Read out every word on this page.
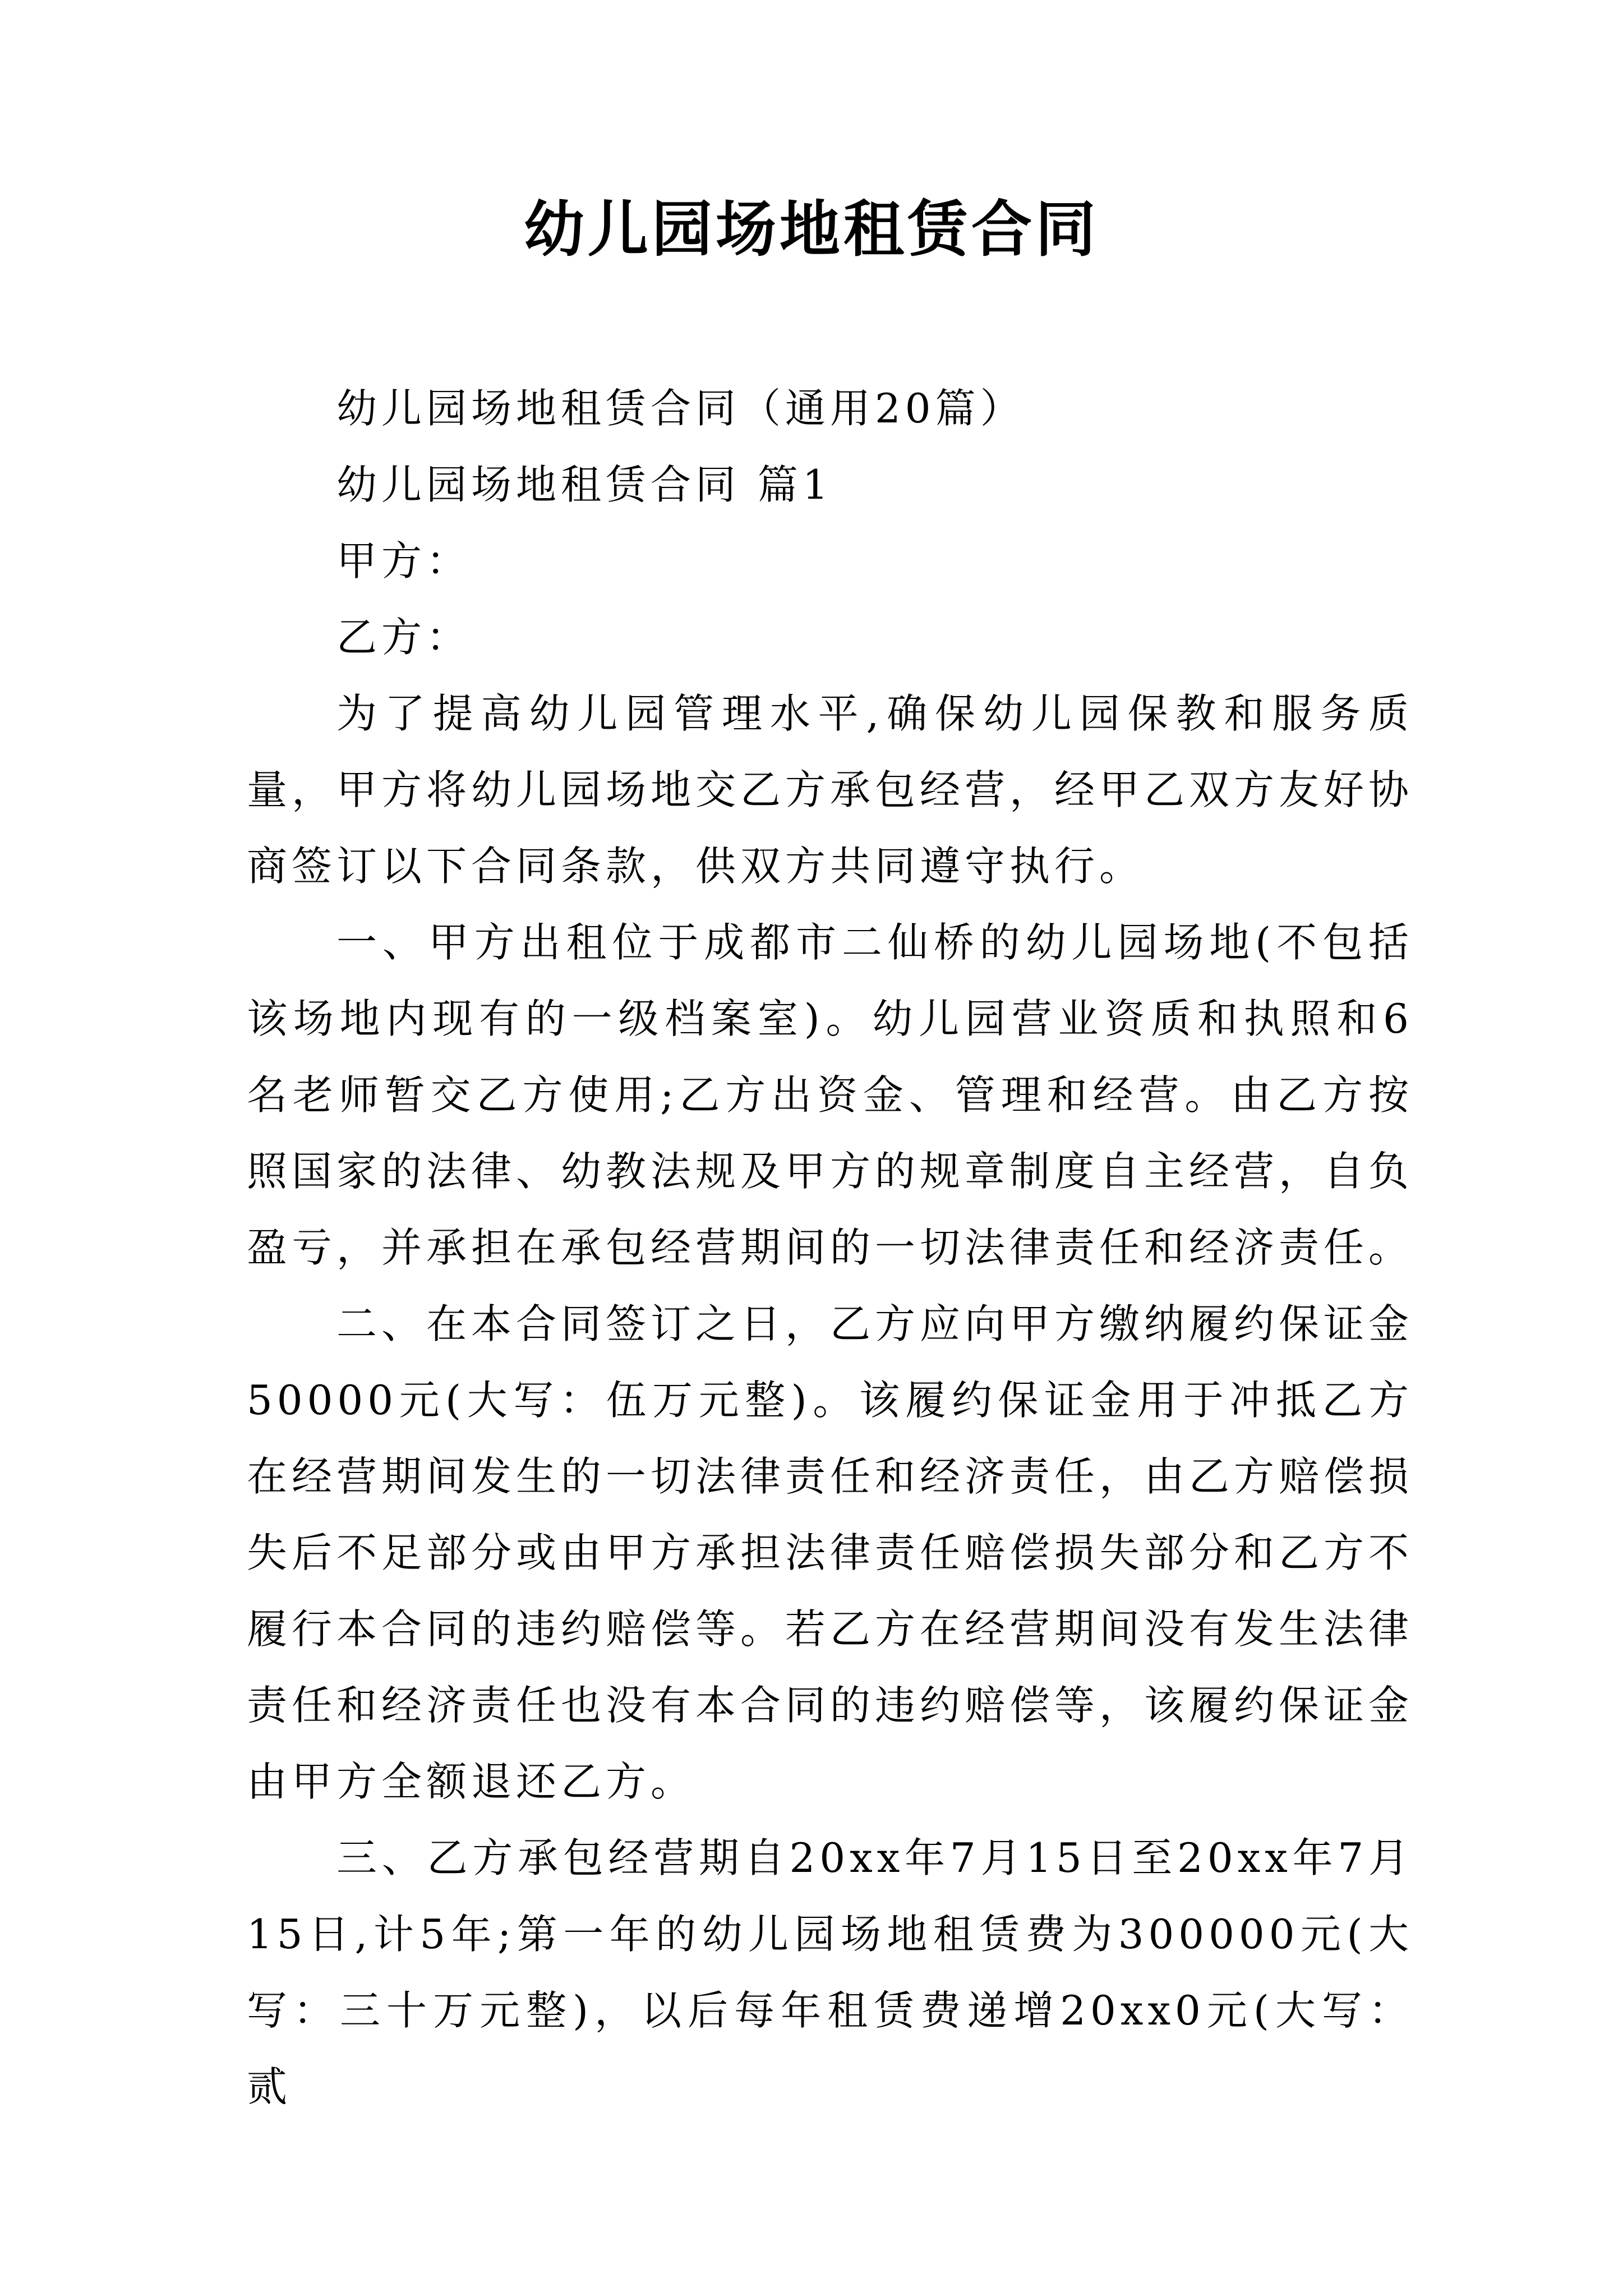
幼儿园场地租赁合同

幼儿园场地租赁合同（通用20篇）

幼儿园场地租赁合同 篇1

甲方：

乙方：

为了提高幼儿园管理水平,确保幼儿园保教和服务质量，甲方将幼儿园场地交乙方承包经营，经甲乙双方友好协商签订以下合同条款，供双方共同遵守执行。

一、甲方出租位于成都市二仙桥的幼儿园场地(不包括该场地内现有的一级档案室)。幼儿园营业资质和执照和6名老师暂交乙方使用;乙方出资金、管理和经营。由乙方按照国家的法律、幼教法规及甲方的规章制度自主经营，自负盈亏，并承担在承包经营期间的一切法律责任和经济责任。

二、在本合同签订之日，乙方应向甲方缴纳履约保证金50000元(大写：伍万元整)。该履约保证金用于冲抵乙方在经营期间发生的一切法律责任和经济责任，由乙方赔偿损失后不足部分或由甲方承担法律责任赔偿损失部分和乙方不履行本合同的违约赔偿等。若乙方在经营期间没有发生法律责任和经济责任也没有本合同的违约赔偿等，该履约保证金由甲方全额退还乙方。

三、乙方承包经营期自20xx年7月15日至20xx年7月15日,计5年;第一年的幼儿园场地租赁费为300000元(大写：三十万元整)，以后每年租赁费递增20xx0元(大写：贰
